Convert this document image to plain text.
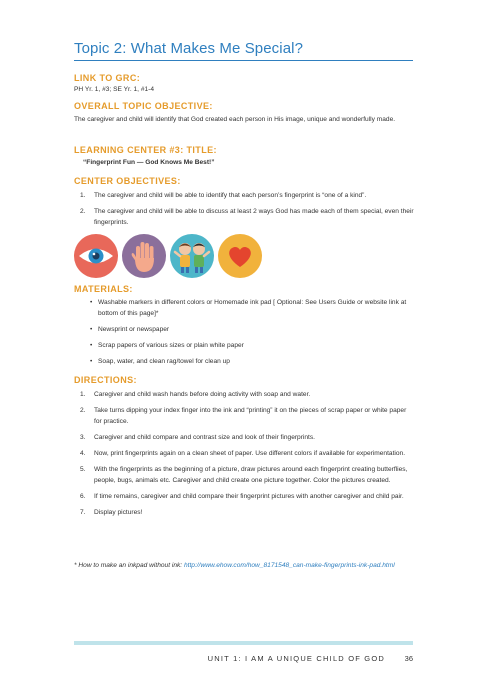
Topic 2: What Makes Me Special?
LINK TO GRC:
PH Yr. 1, #3; SE Yr. 1, #1-4
OVERALL TOPIC OBJECTIVE:
The caregiver and child will identify that God created each person in His image, unique and wonderfully made.
LEARNING CENTER #3: TITLE:
“Fingerprint Fun — God Knows Me Best!”
CENTER OBJECTIVES:
1. The caregiver and child will be able to identify that each person’s fingerprint is “one of a kind”.
2. The caregiver and child will be able to discuss at least 2 ways God has made each of them special, even their fingerprints.
MATERIALS:
• Washable markers in different colors or Homemade ink pad [ Optional: See Users Guide or website link at bottom of this page]*
• Newsprint or newspaper
• Scrap papers of various sizes or plain white paper
• Soap, water, and clean rag/towel for clean up
DIRECTIONS:
1. Caregiver and child wash hands before doing activity with soap and water.
2. Take turns dipping your index finger into the ink and “printing” it on the pieces of scrap paper or white paper for practice.
3. Caregiver and child compare and contrast size and look of their fingerprints.
4. Now, print fingerprints again on a clean sheet of paper. Use different colors if available for experimentation.
5. With the fingerprints as the beginning of a picture, draw pictures around each fingerprint creating butterflies, people, bugs, animals etc. Caregiver and child create one picture together. Color the pictures created.
6. If time remains, caregiver and child compare their fingerprint pictures with another caregiver and child pair.
7. Display pictures!
* How to make an inkpad without ink: http://www.ehow.com/how_8171548_can-make-fingerprints-ink-pad.html
UNIT 1: I AM A UNIQUE CHILD OF GOD	36
